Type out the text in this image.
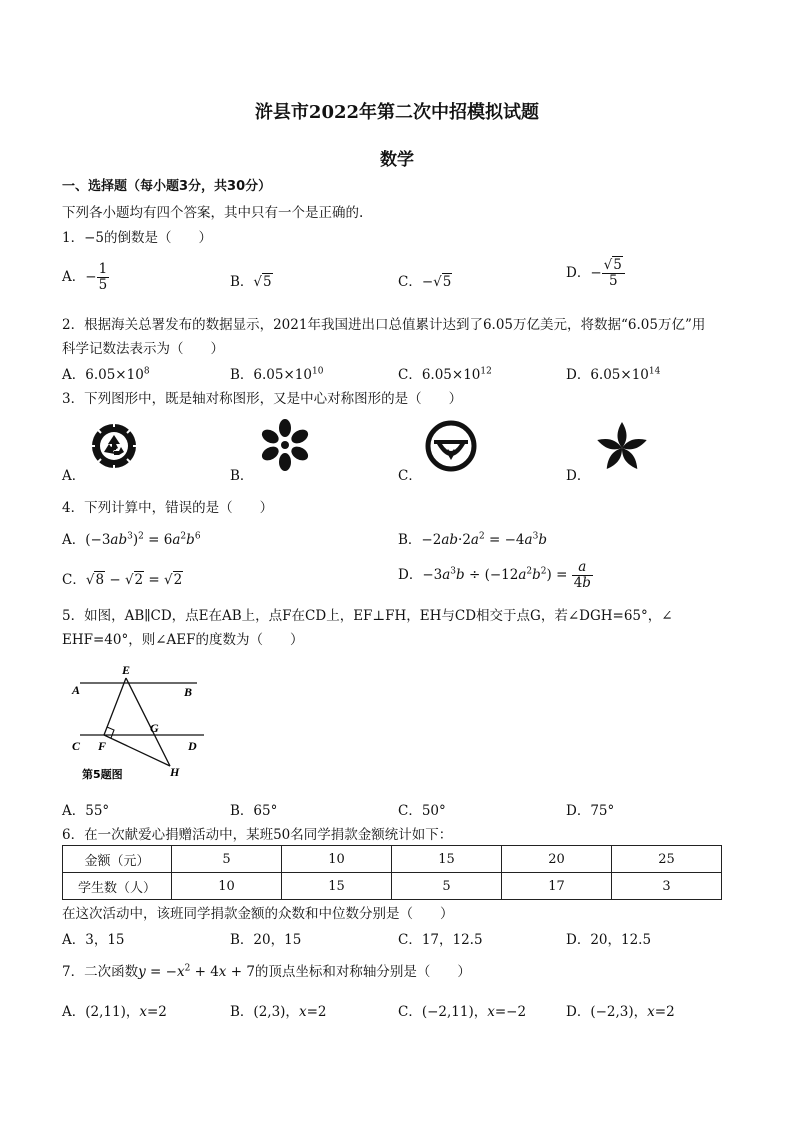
浒县市2022年第二次中招模拟试题
数学
一、选择题（每小题3分，共30分）
下列各小题均有四个答案，其中只有一个是正确的.
1．−5的倒数是（　　）
A．− $\frac{1}{5}$	B．√5	C．−√5
D．− $\frac{√5}{5}$
2．根据海关总署发布的数据显示，2021年我国进出口总值累计达到了6.05万亿美元，将数据“6.05万亿”用
科学记数法表示为（　　）
A．$6.05\times 10^8$	B．$6.05\times 10^{10}$	C．$6.05\times 10^{12}$	D．$6.05\times 10^{14}$
3．下列图形中，既是轴对称图形，又是中心对称图形的是（　　）
A．	B．	C．	D．
4．下列计算中，错误的是（　　）
A．$(-3ab^3)^2 = 6a^2b^6$	B．$-2ab\cdot 2a^2 = -4a^3b$
C．√8 − √2 = √2	D．$-3a^3b \div (-12a^2b^2) = \frac{a}{4b}$
5．如图，AB∥CD，点E在AB上，点F在CD上，EF⊥FH，EH与CD相交于点G，若∠DGH=65°，∠
EHF=40°，则∠AEF的度数为（　　）
E
A	B
G
C F	D
H
第5题图
A．55°	B．65°	C．50°	D．75°
6．在一次献爱心捐赠活动中，某班50名同学捐款金额统计如下：
金额（元）	5	10	15	20	25
学生数（人）	10	15	5	17	3
在这次活动中，该班同学捐款金额的众数和中位数分别是（　　）
A．3，15	B．20，15	C．17，12.5	D．20，12.5
7．二次函数$y = -x^2 + 4x + 7$的顶点坐标和对称轴分别是（　　）
A．(2,11)，x=2	B．(2,3)，x=2	C．(−2,11)，x=−2	D．(−2,3)，x=2
